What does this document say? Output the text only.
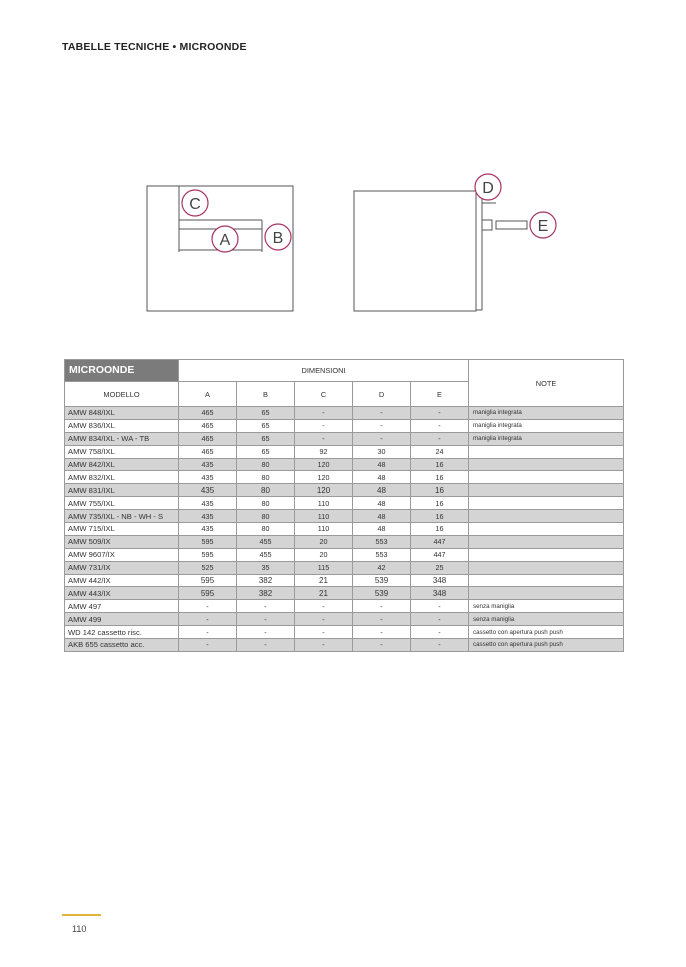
TABELLE TECNICHE • MICROONDE
C
A	B
D
E
MICROONDE	DIMENSIONI					NOTE
MODELLO	A	B	C	D	E	
AMW 848/IXL	465	65	-	-	-	maniglia integrata
AMW 836/IXL	465	65	-	-	-	maniglia integrata
AMW 834/IXL - WA - TB	465	65	-	-	-	maniglia integrata
AMW 758/IXL	465	65	92	30	24	
AMW 842/IXL	435	80	120	48	16	
AMW 832/IXL	435	80	120	48	16	
AMW 831/IXL	435	80	120	48	16	
AMW 755/IXL	435	80	110	48	16	
AMW 735/IXL - NB - WH - S	435	80	110	48	16	
AMW 715/IXL	435	80	110	48	16	
AMW 509/IX	595	455	20	553	447	
AMW 9607/IX	595	455	20	553	447	
AMW 731/IX	525	35	115	42	25	
AMW 442/IX	595	382	21	539	348	
AMW 443/IX	595	382	21	539	348	
AMW 497	-	-	-	-	-	senza maniglia
AMW 499	-	-	-	-	-	senza maniglia
WD 142 cassetto risc.	-	-	-	-	-	cassetto con apertura push push
AKB 655 cassetto acc.	-	-	-	-	-	cassetto con apertura push push
110
